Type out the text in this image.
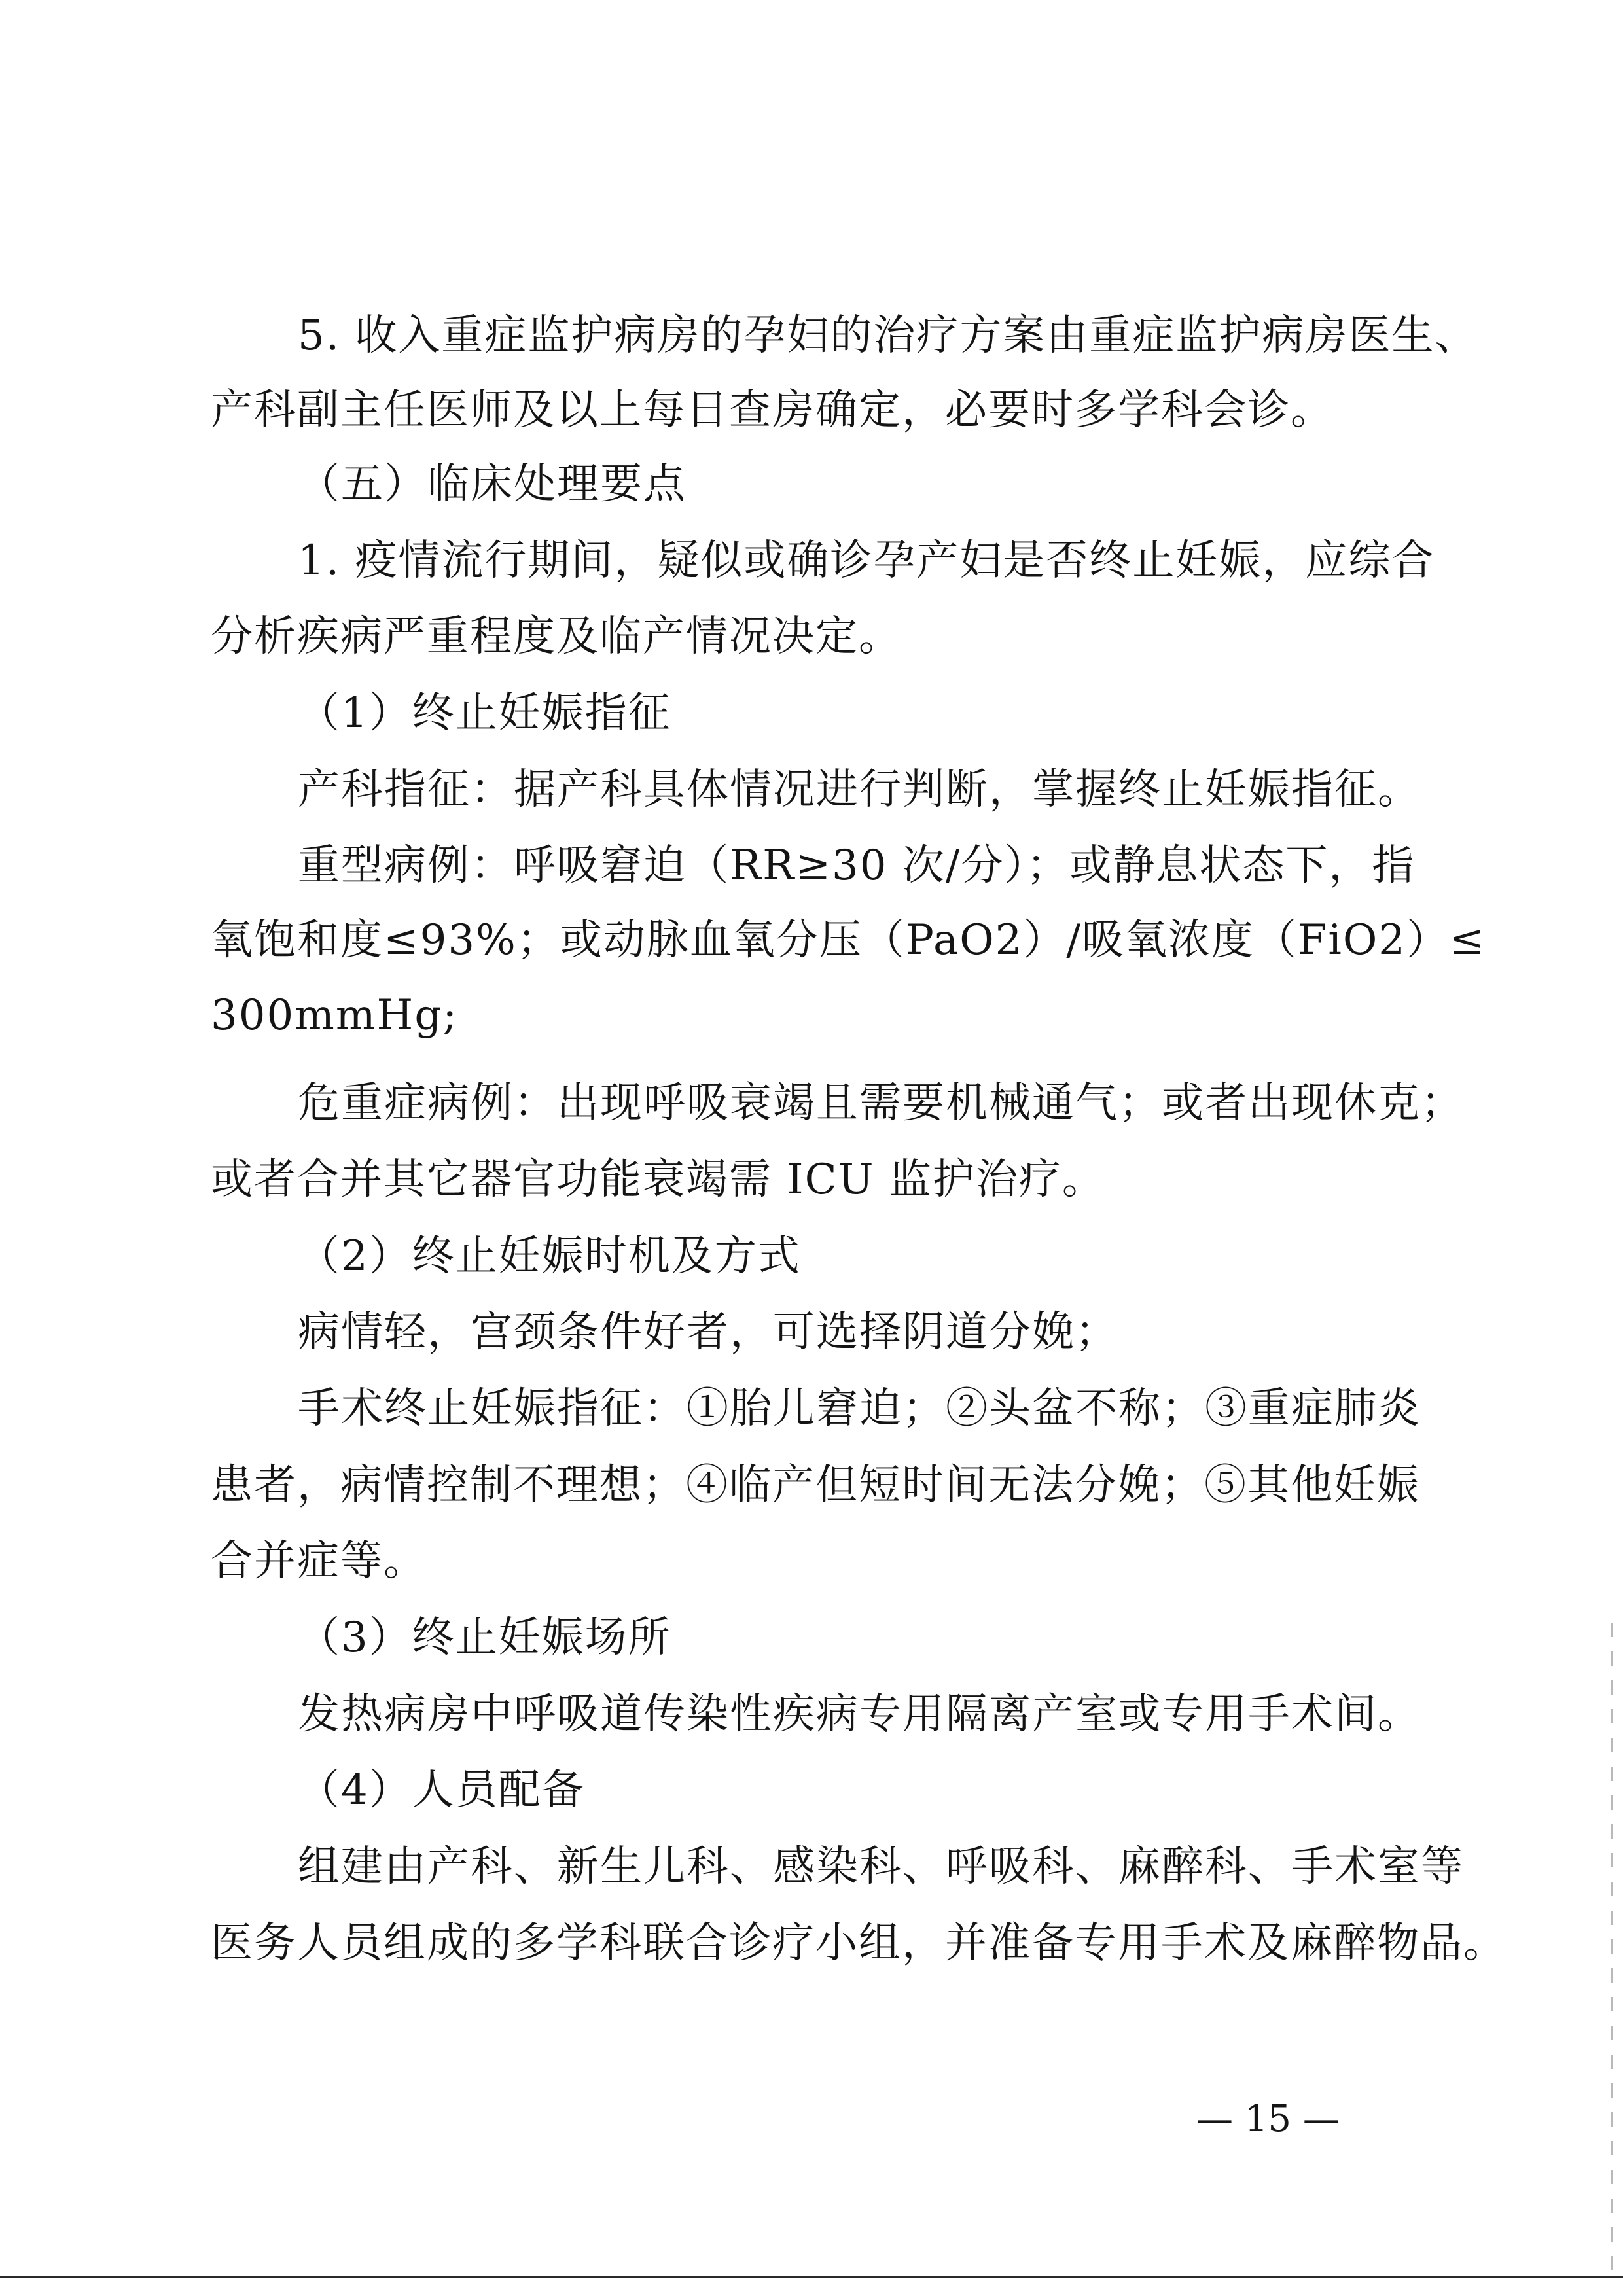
5. 收入重症监护病房的孕妇的治疗方案由重症监护病房医生、
产科副主任医师及以上每日查房确定，必要时多学科会诊。
（五）临床处理要点
1. 疫情流行期间，疑似或确诊孕产妇是否终止妊娠，应综合
分析疾病严重程度及临产情况决定。
（1）终止妊娠指征
产科指征：据产科具体情况进行判断，掌握终止妊娠指征。
重型病例：呼吸窘迫（RR≥30 次/分）；或静息状态下，指
氧饱和度≤93%；或动脉血氧分压（PaO2）/吸氧浓度（FiO2）≤
300mmHg;
危重症病例：出现呼吸衰竭且需要机械通气；或者出现休克；
或者合并其它器官功能衰竭需 ICU 监护治疗。
（2）终止妊娠时机及方式
病情轻，宫颈条件好者，可选择阴道分娩；
手术终止妊娠指征：①胎儿窘迫；②头盆不称；③重症肺炎
患者，病情控制不理想；④临产但短时间无法分娩；⑤其他妊娠
合并症等。
（3）终止妊娠场所
发热病房中呼吸道传染性疾病专用隔离产室或专用手术间。
（4）人员配备
组建由产科、新生儿科、感染科、呼吸科、麻醉科、手术室等
医务人员组成的多学科联合诊疗小组，并准备专用手术及麻醉物品。
— 15 —
